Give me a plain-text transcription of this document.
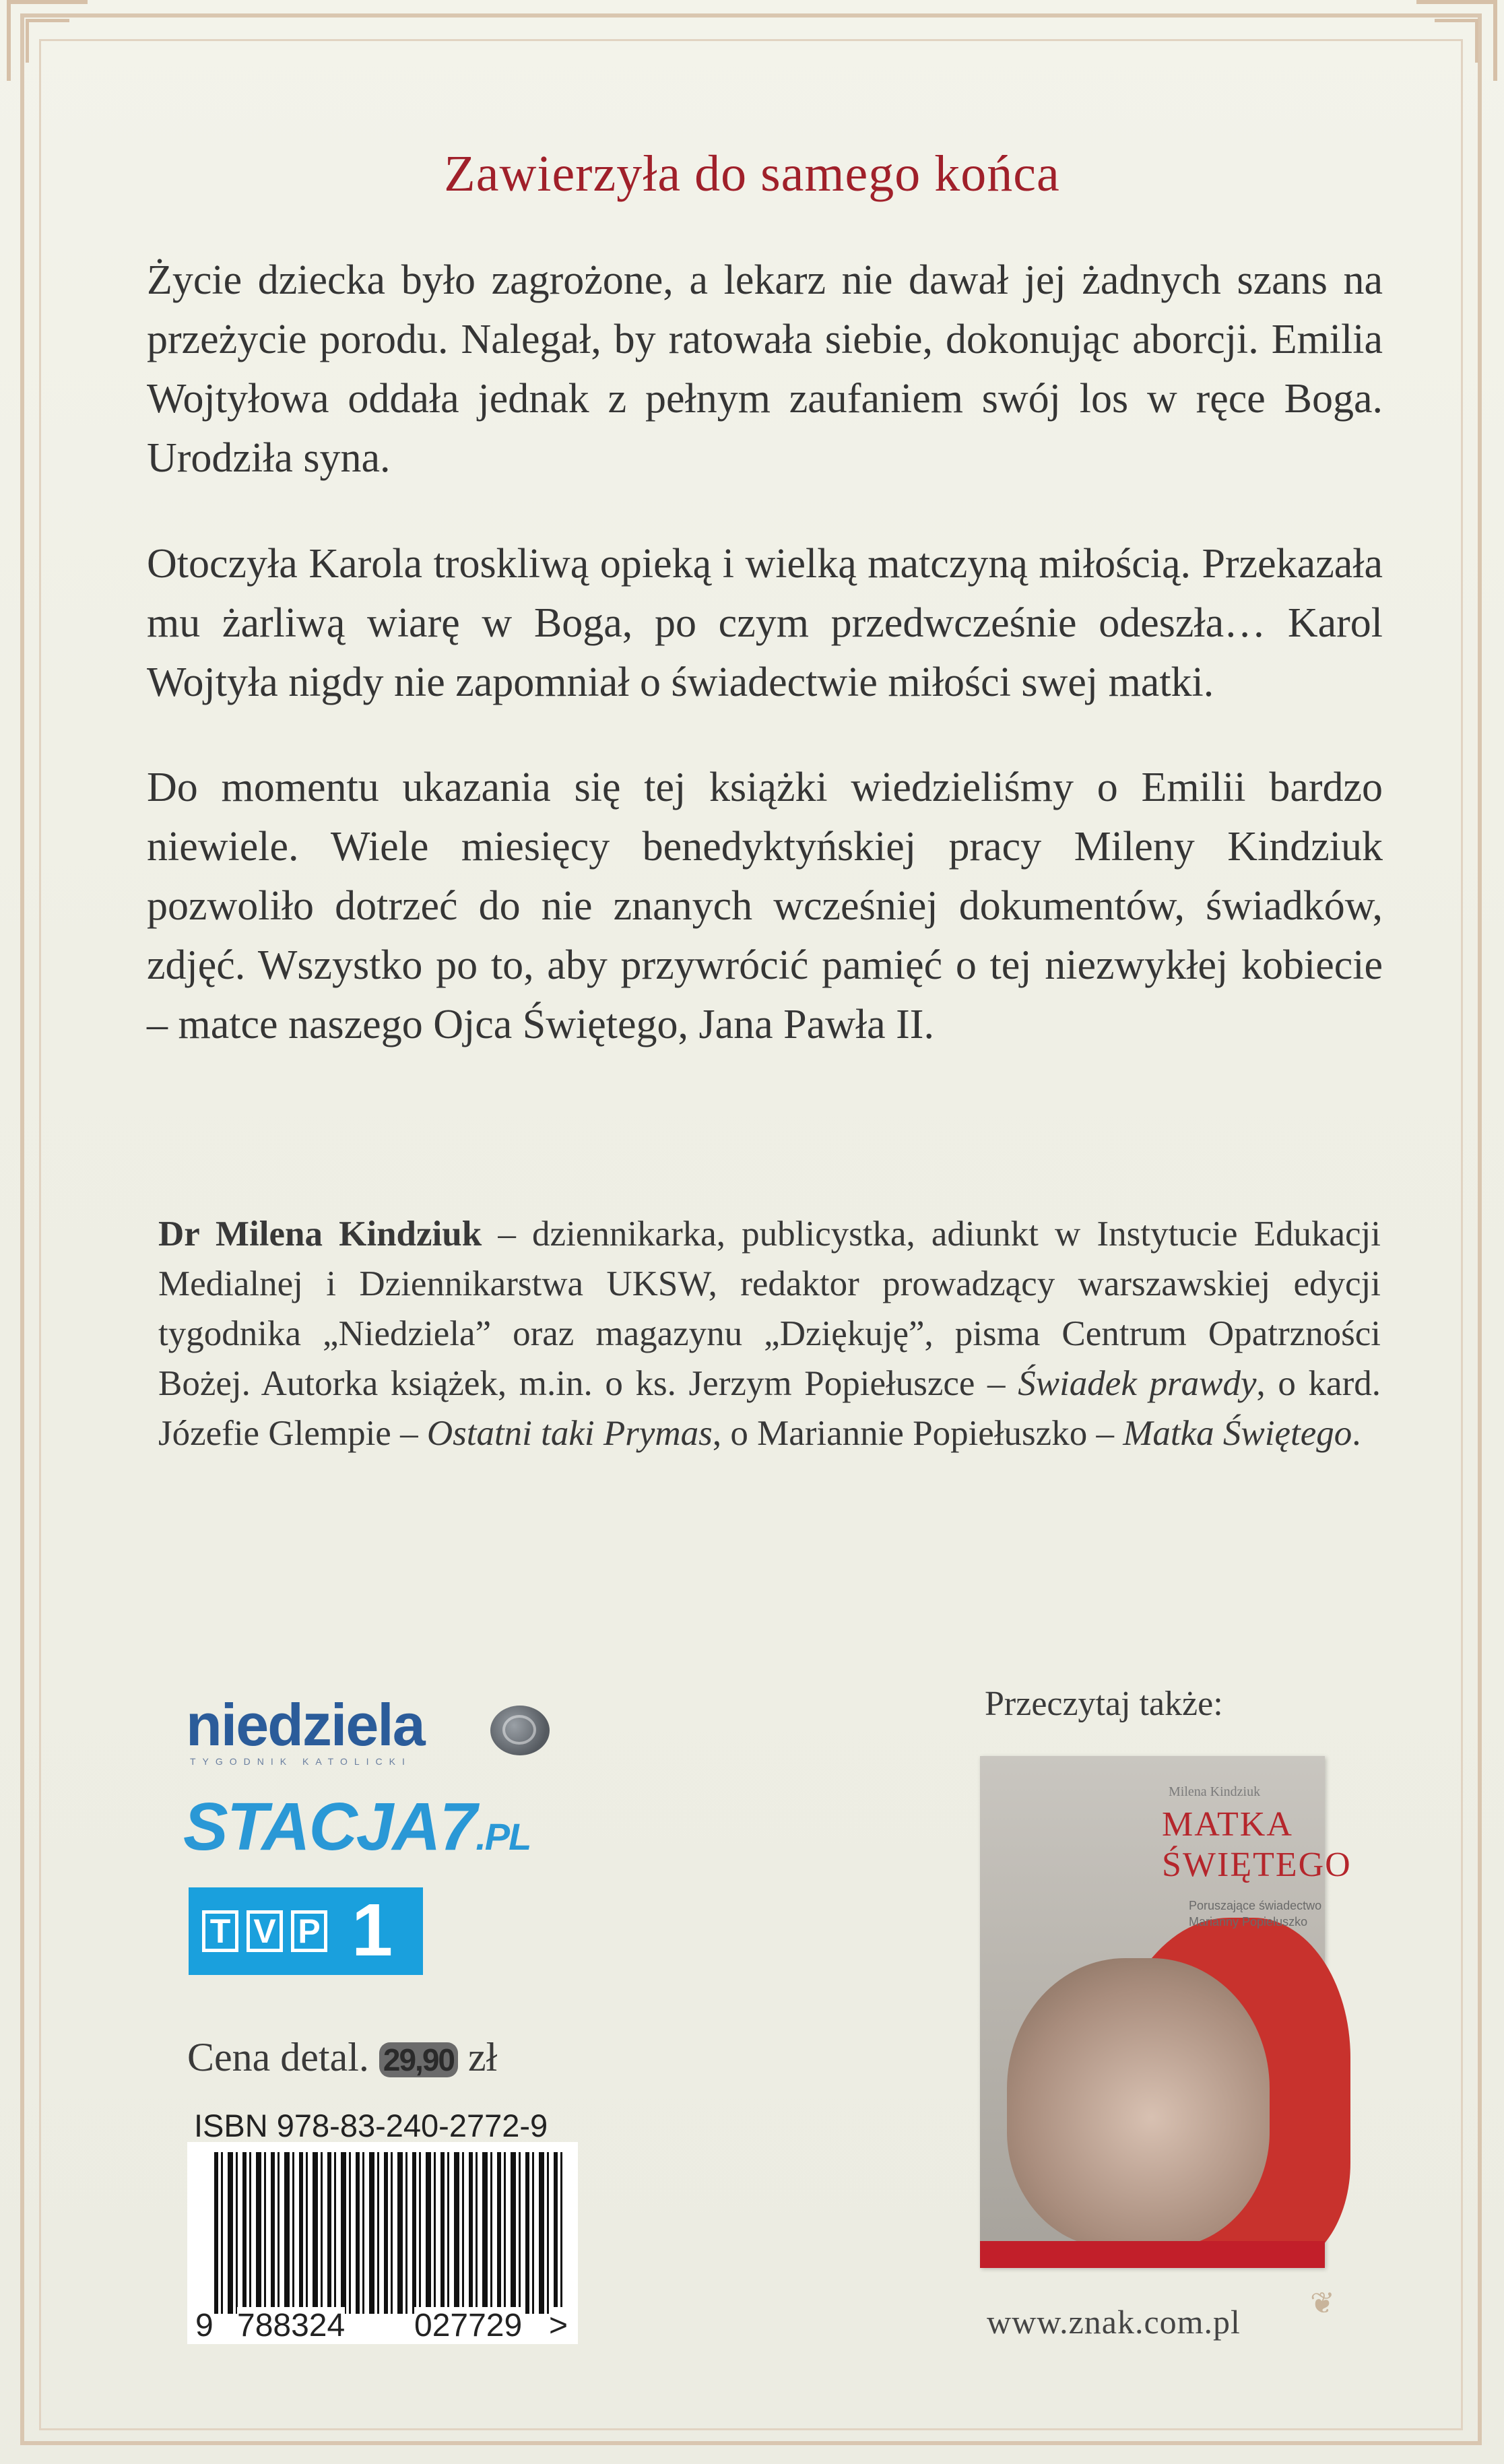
Zawierzyła do samego końca
Życie dziecka było zagrożone, a lekarz nie dawał jej żadnych szans na przeżycie porodu. Nalegał, by ratowała siebie, dokonując aborcji. Emilia Wojtyłowa oddała jednak z pełnym zaufaniem swój los w ręce Boga. Urodziła syna.
Otoczyła Karola troskliwą opieką i wielką matczyną miłością. Przekazała mu żarliwą wiarę w Boga, po czym przedwcześnie odeszła… Karol Wojtyła nigdy nie zapomniał o świadectwie miłości swej matki.
Do momentu ukazania się tej książki wiedzieliśmy o Emilii bardzo niewiele. Wiele miesięcy benedyktyńskiej pracy Mileny Kindziuk pozwoliło dotrzeć do nie znanych wcześniej dokumentów, świadków, zdjęć. Wszystko po to, aby przywrócić pamięć o tej niezwykłej kobiecie – matce naszego Ojca Świętego, Jana Pawła II.
Dr Milena Kindziuk – dziennikarka, publicystka, adiunkt w Instytucie Edukacji Medialnej i Dziennikarstwa UKSW, redaktor prowadzący warszawskiej edycji tygodnika „Niedziela” oraz magazynu „Dziękuję”, pisma Centrum Opatrzności Bożej. Autorka książek, m.in. o ks. Jerzym Popiełuszce – Świadek prawdy, o kard. Józefie Glempie – Ostatni taki Prymas, o Mariannie Popiełuszko – Matka Świętego.
niedziela
TYGODNIK KATOLICKI
STACJA7.PL
T V P 1
Cena detal. 29,90 zł
ISBN 978-83-240-2772-9
9 788324 027729 >
Przeczytaj także:
Milena Kindziuk
MATKA ŚWIĘTEGO
Poruszające świadectwo Marianny Popiełuszko
www.znak.com.pl ❦
